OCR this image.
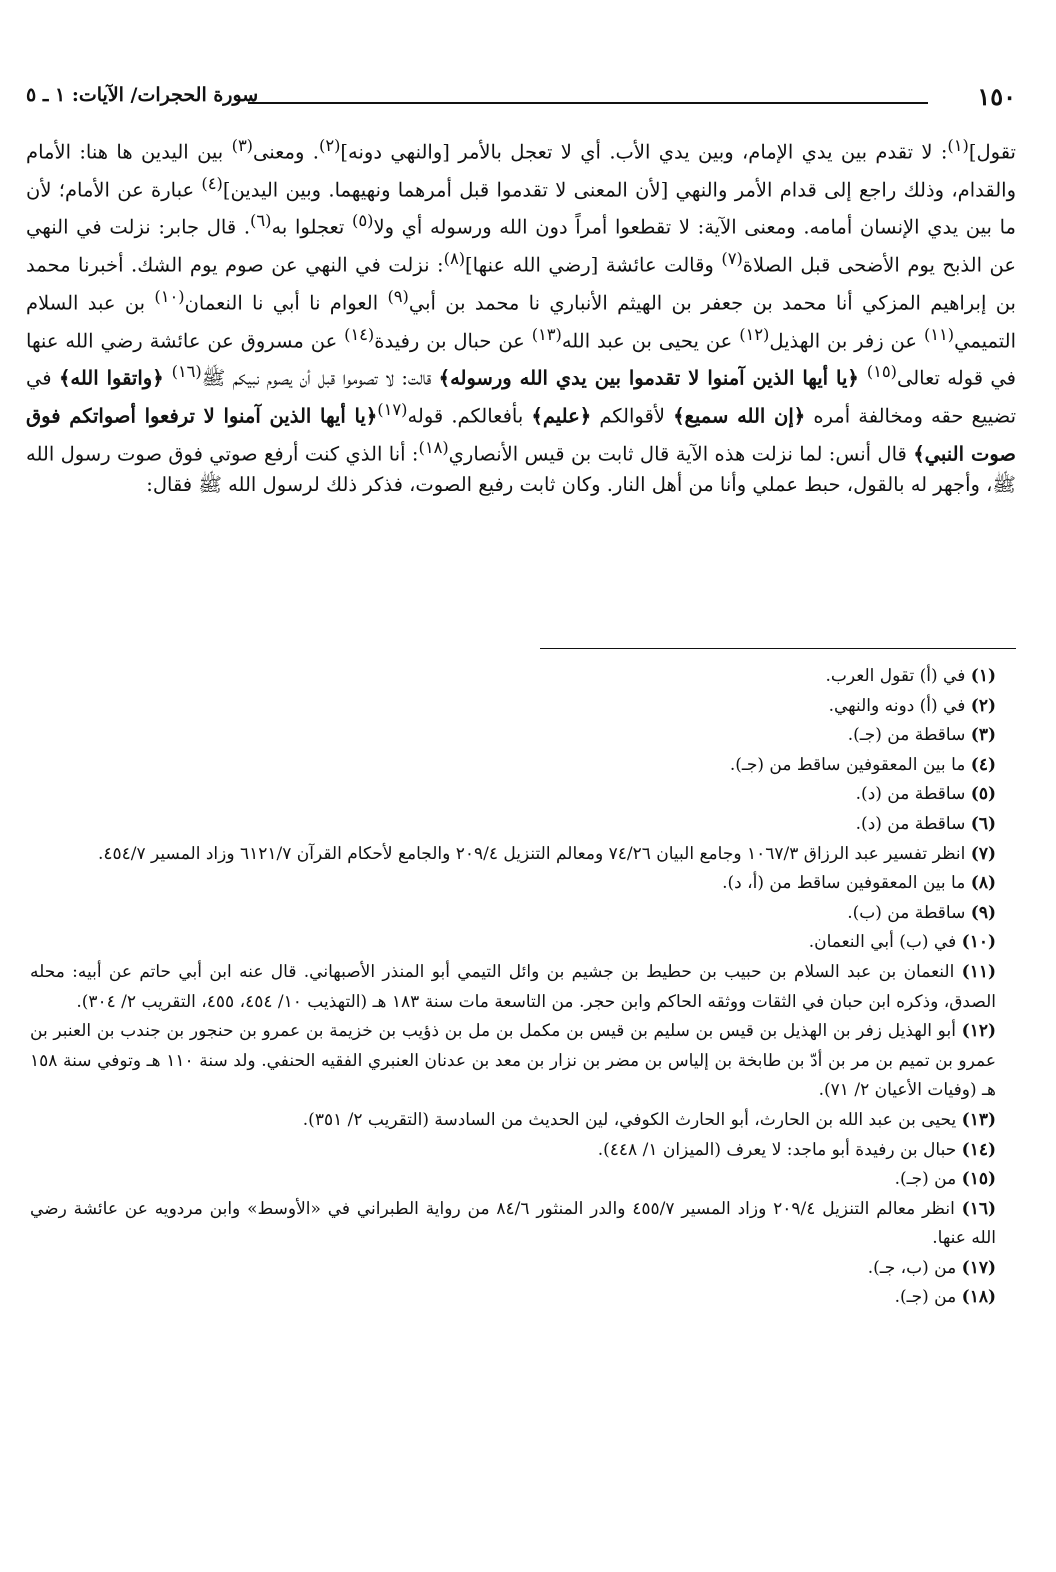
١٥٠
سورة الحجرات/ الآيات: ١ ـ ٥

تقول]$^{(١)}$: لا تقدم بين يدي الإمام، وبين يدي الأب. أي لا تعجل بالأمر [والنهي دونه]$^{(٢)}$. ومعنى$^{(٣)}$ بين اليدين ها هنا: الأمام والقدام، وذلك راجع إلى قدام الأمر والنهي [لأن المعنى لا تقدموا قبل أمرهما ونهيهما. وبين اليدين]$^{(٤)}$ عبارة عن الأمام؛ لأن ما بين يدي الإنسان أمامه. ومعنى الآية: لا تقطعوا أمراً دون الله ورسوله أي ولا$^{(٥)}$ تعجلوا به$^{(٦)}$. قال جابر: نزلت في النهي عن الذبح يوم الأضحى قبل الصلاة$^{(٧)}$ وقالت عائشة [رضي الله عنها]$^{(٨)}$: نزلت في النهي عن صوم يوم الشك. أخبرنا محمد بن إبراهيم المزكي أنا محمد بن جعفر بن الهيثم الأنباري نا محمد بن أبي$^{(٩)}$ العوام نا أبي نا النعمان$^{(١٠)}$ بن عبد السلام التميمي$^{(١١)}$ عن زفر بن الهذيل$^{(١٢)}$ عن يحيى بن عبد الله$^{(١٣)}$ عن حبال بن رفيدة$^{(١٤)}$ عن مسروق عن عائشة رضي الله عنها في قوله تعالى$^{(١٥)}$ ﴿يا أيها الذين آمنوا لا تقدموا بين يدي الله ورسوله﴾ قالت: لا تصوموا قبل أن يصوم نبيكم ﷺ$^{(١٦)}$ ﴿واتقوا الله﴾ في تضييع حقه ومخالفة أمره ﴿إن الله سميع﴾ لأقوالكم ﴿عليم﴾ بأفعالكم. قوله$^{(١٧)}$﴿يا أيها الذين آمنوا لا ترفعوا أصواتكم فوق صوت النبي﴾ قال أنس: لما نزلت هذه الآية قال ثابت بن قيس الأنصاري$^{(١٨)}$: أنا الذي كنت أرفع صوتي فوق صوت رسول الله ﷺ، وأجهر له بالقول، حبط عملي وأنا من أهل النار. وكان ثابت رفيع الصوت، فذكر ذلك لرسول الله ﷺ فقال:

(١) في (أ) تقول العرب.
(٢) في (أ) دونه والنهي.
(٣) ساقطة من (جـ).
(٤) ما بين المعقوفين ساقط من (جـ).
(٥) ساقطة من (د).
(٦) ساقطة من (د).
(٧) انظر تفسير عبد الرزاق ١٠٦٧/٣ وجامع البيان ٧٤/٢٦ ومعالم التنزيل ٢٠٩/٤ والجامع لأحكام القرآن ٦١٢١/٧ وزاد المسير ٤٥٤/٧.
(٨) ما بين المعقوفين ساقط من (أ، د).
(٩) ساقطة من (ب).
(١٠) في (ب) أبي النعمان.
(١١) النعمان بن عبد السلام بن حبيب بن حطيط بن جشيم بن وائل التيمي أبو المنذر الأصبهاني. قال عنه ابن أبي حاتم عن أبيه: محله الصدق، وذكره ابن حبان في الثقات ووثقه الحاكم وابن حجر. من التاسعة مات سنة ١٨٣ هـ (التهذيب ١٠/ ٤٥٤، ٤٥٥، التقريب ٢/ ٣٠٤).
(١٢) أبو الهذيل زفر بن الهذيل بن قيس بن سليم بن قيس بن مكمل بن مل بن ذؤيب بن خزيمة بن عمرو بن حنجور بن جندب بن العنبر بن عمرو بن تميم بن مر بن أدّ بن طابخة بن إلياس بن مضر بن نزار بن معد بن عدنان العنبري الفقيه الحنفي. ولد سنة ١١٠ هـ وتوفي سنة ١٥٨ هـ (وفيات الأعيان ٢/ ٧١).
(١٣) يحيى بن عبد الله بن الحارث، أبو الحارث الكوفي، لين الحديث من السادسة (التقريب ٢/ ٣٥١).
(١٤) حبال بن رفيدة أبو ماجد: لا يعرف (الميزان ١/ ٤٤٨).
(١٥) من (جـ).
(١٦) انظر معالم التنزيل ٢٠٩/٤ وزاد المسير ٤٥٥/٧ والدر المنثور ٨٤/٦ من رواية الطبراني في «الأوسط» وابن مردويه عن عائشة رضي الله عنها.
(١٧) من (ب، جـ).
(١٨) من (جـ).
